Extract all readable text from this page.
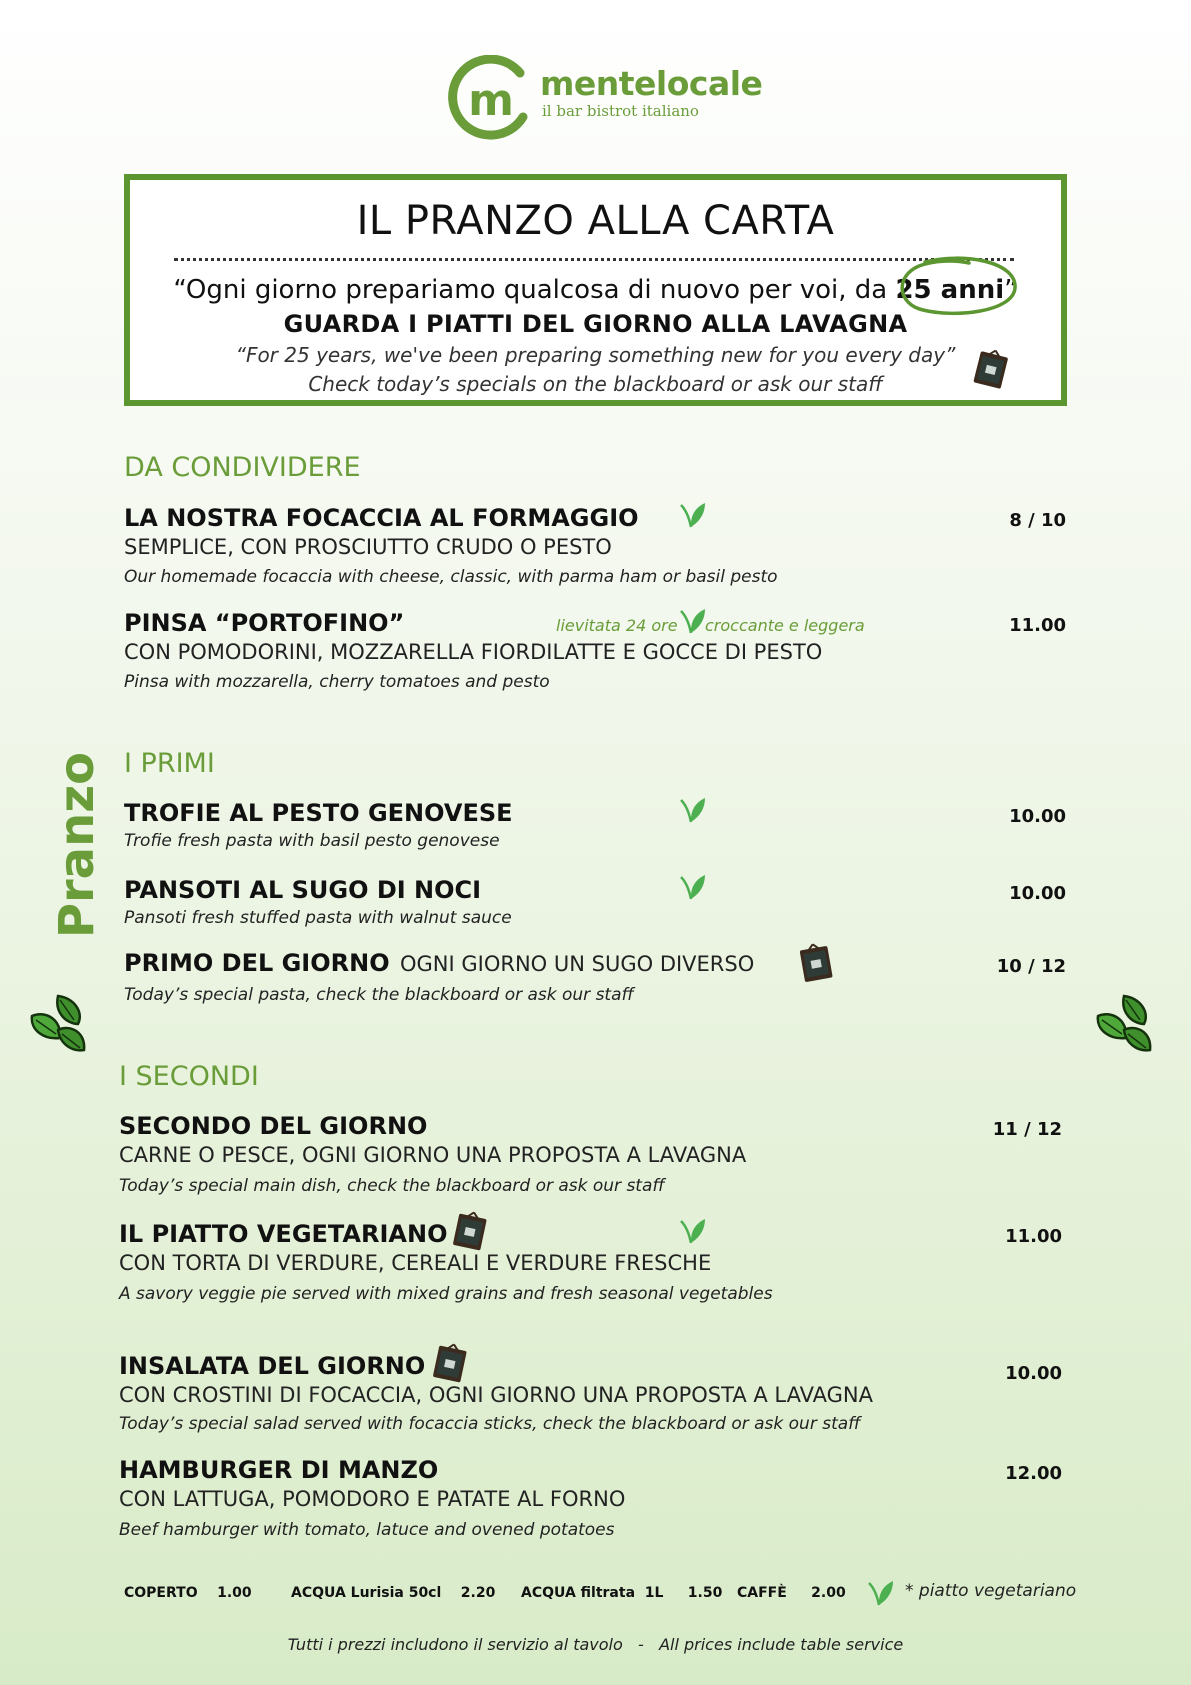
m mentelocale
il bar bistrot italiano
IL PRANZO ALLA CARTA
“Ogni giorno prepariamo qualcosa di nuovo per voi, da 25 anni”
GUARDA I PIATTI DEL GIORNO ALLA LAVAGNA
“For 25 years, we've been preparing something new for you every day”
Check today’s specials on the blackboard or ask our staff
Pranzo
DA CONDIVIDERE
LA NOSTRA FOCACCIA AL FORMAGGIO	8 / 10
SEMPLICE, CON PROSCIUTTO CRUDO O PESTO
Our homemade focaccia with cheese, classic, with parma ham or basil pesto
PINSA “PORTOFINO”	lievitata 24 ore croccante e leggera	11.00
CON POMODORINI, MOZZARELLA FIORDILATTE E GOCCE DI PESTO
Pinsa with mozzarella, cherry tomatoes and pesto
I PRIMI
TROFIE AL PESTO GENOVESE	10.00
Trofie fresh pasta with basil pesto genovese
PANSOTI AL SUGO DI NOCI	10.00
Pansoti fresh stuffed pasta with walnut sauce
PRIMO DEL GIORNO OGNI GIORNO UN SUGO DIVERSO	10 / 12
Today’s special pasta, check the blackboard or ask our staff
I SECONDI
SECONDO DEL GIORNO	11 / 12
CARNE O PESCE, OGNI GIORNO UNA PROPOSTA A LAVAGNA
Today’s special main dish, check the blackboard or ask our staff
IL PIATTO VEGETARIANO	11.00
CON TORTA DI VERDURE, CEREALI E VERDURE FRESCHE
A savory veggie pie served with mixed grains and fresh seasonal vegetables
INSALATA DEL GIORNO	10.00
CON CROSTINI DI FOCACCIA, OGNI GIORNO UNA PROPOSTA A LAVAGNA
Today’s special salad served with focaccia sticks, check the blackboard or ask our staff
HAMBURGER DI MANZO	12.00
CON LATTUGA, POMODORO E PATATE AL FORNO
Beef hamburger with tomato, latuce and ovened potatoes
COPERTO    1.00	ACQUA Lurisia 50cl    2.20 ACQUA filtrata  1L     1.50 CAFFÈ     2.00	* piatto vegetariano
Tutti i prezzi includono il servizio al tavolo   -   All prices include table service
